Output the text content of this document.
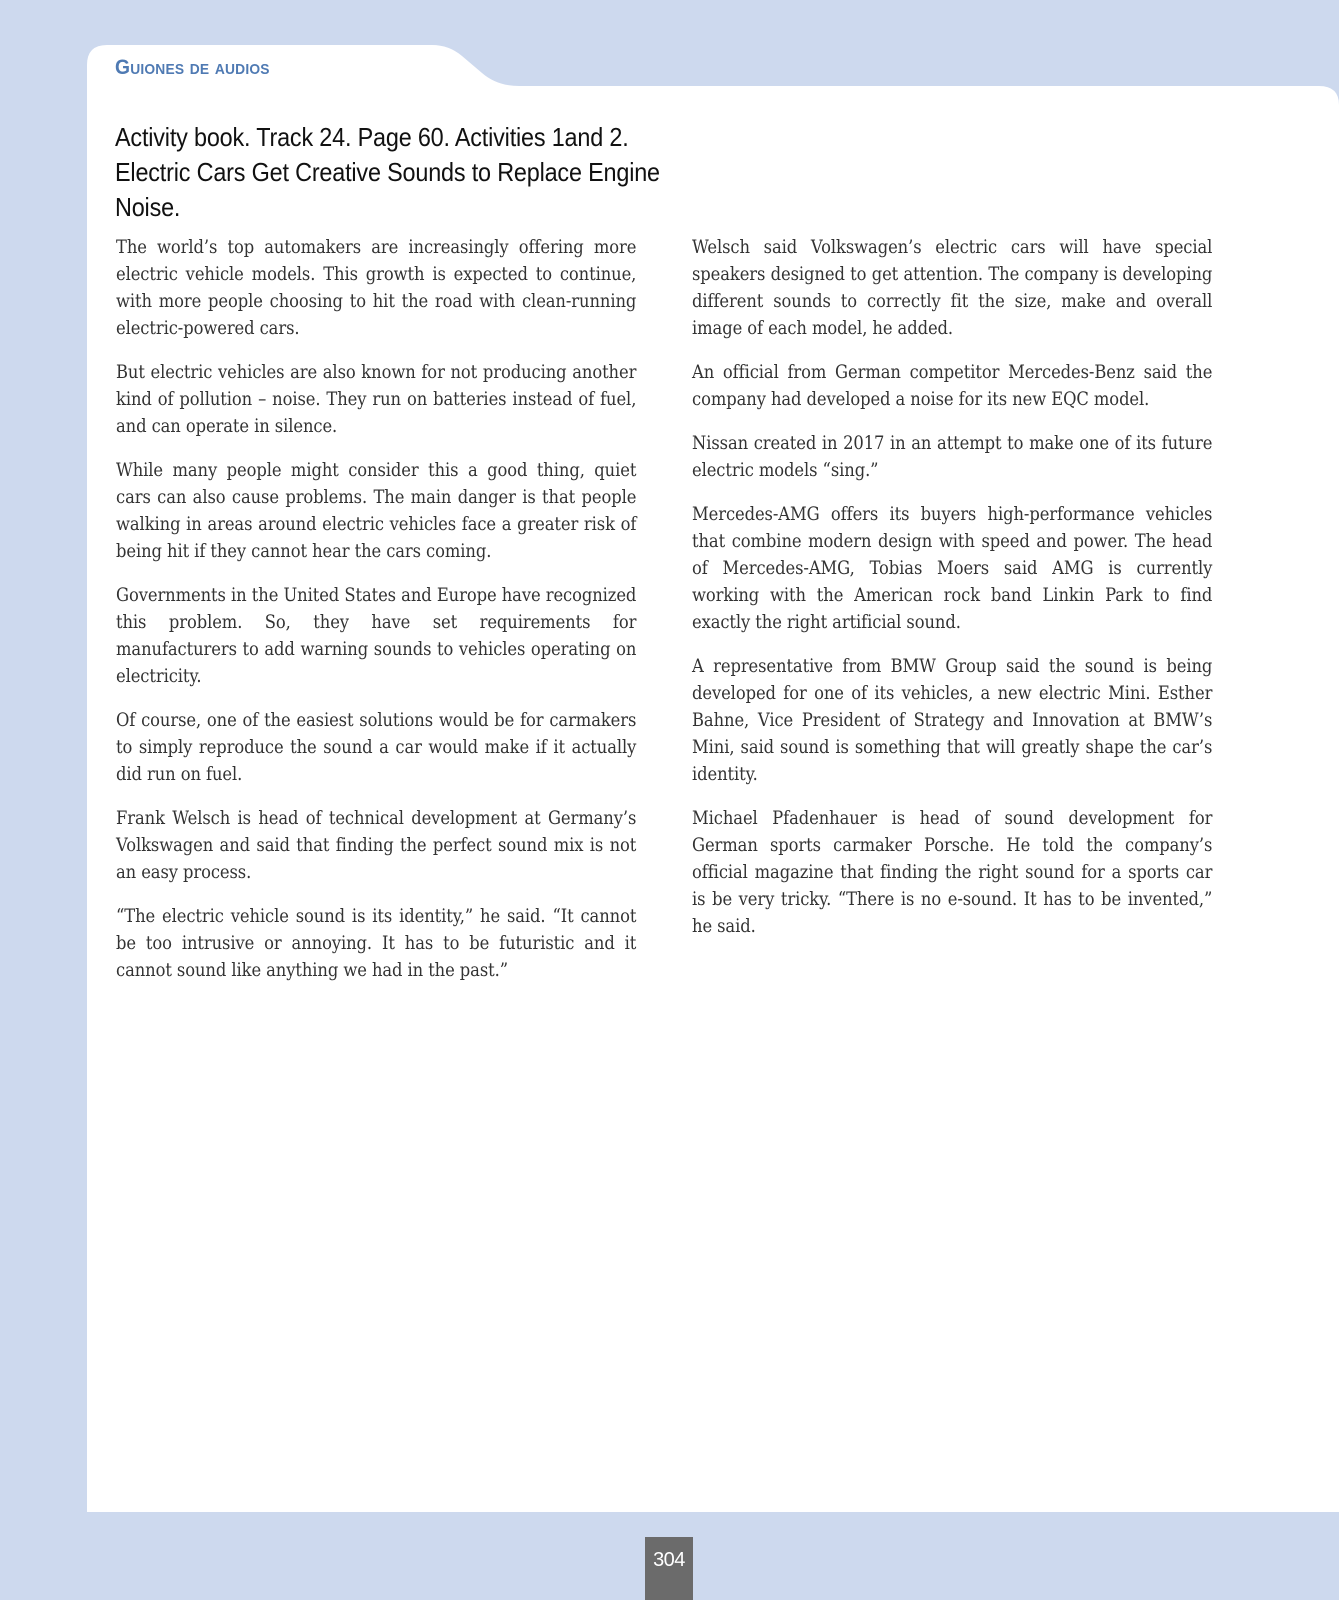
Guiones de audios
Activity book. Track 24. Page 60. Activities 1and 2. Electric Cars Get Creative Sounds to Replace Engine Noise.

The world’s top automakers are increasingly offering more electric vehicle models. This growth is expected to continue, with more people choosing to hit the road with clean-running electric-powered cars.

But electric vehicles are also known for not producing another kind of pollution – noise. They run on batteries instead of fuel, and can operate in silence.

While many people might consider this a good thing, quiet cars can also cause problems. The main danger is that people walking in areas around electric vehicles face a greater risk of being hit if they cannot hear the cars coming.

Governments in the United States and Europe have recognized this problem. So, they have set requirements for manufacturers to add warning sounds to vehicles operating on electricity.

Of course, one of the easiest solutions would be for carmakers to simply reproduce the sound a car would make if it actually did run on fuel.

Frank Welsch is head of technical development at Germany’s Volkswagen and said that finding the perfect sound mix is not an easy process.

“The electric vehicle sound is its identity,” he said. “It cannot be too intrusive or annoying. It has to be futuristic and it cannot sound like anything we had in the past.”

Welsch said Volkswagen’s electric cars will have special speakers designed to get attention. The company is developing different sounds to correctly fit the size, make and overall image of each model, he added.

An official from German competitor Mercedes-Benz said the company had developed a noise for its new EQC model.

Nissan created in 2017 in an attempt to make one of its future electric models “sing.”

Mercedes-AMG offers its buyers high-performance vehicles that combine modern design with speed and power. The head of Mercedes-AMG, Tobias Moers said AMG is currently working with the American rock band Linkin Park to find exactly the right artificial sound.

A representative from BMW Group said the sound is being developed for one of its vehicles, a new electric Mini. Esther Bahne, Vice President of Strategy and Innovation at BMW’s Mini, said sound is something that will greatly shape the car’s identity.

Michael Pfadenhauer is head of sound development for German sports carmaker Porsche. He told the company’s official magazine that finding the right sound for a sports car is be very tricky. “There is no e-sound. It has to be invented,” he said.

304
